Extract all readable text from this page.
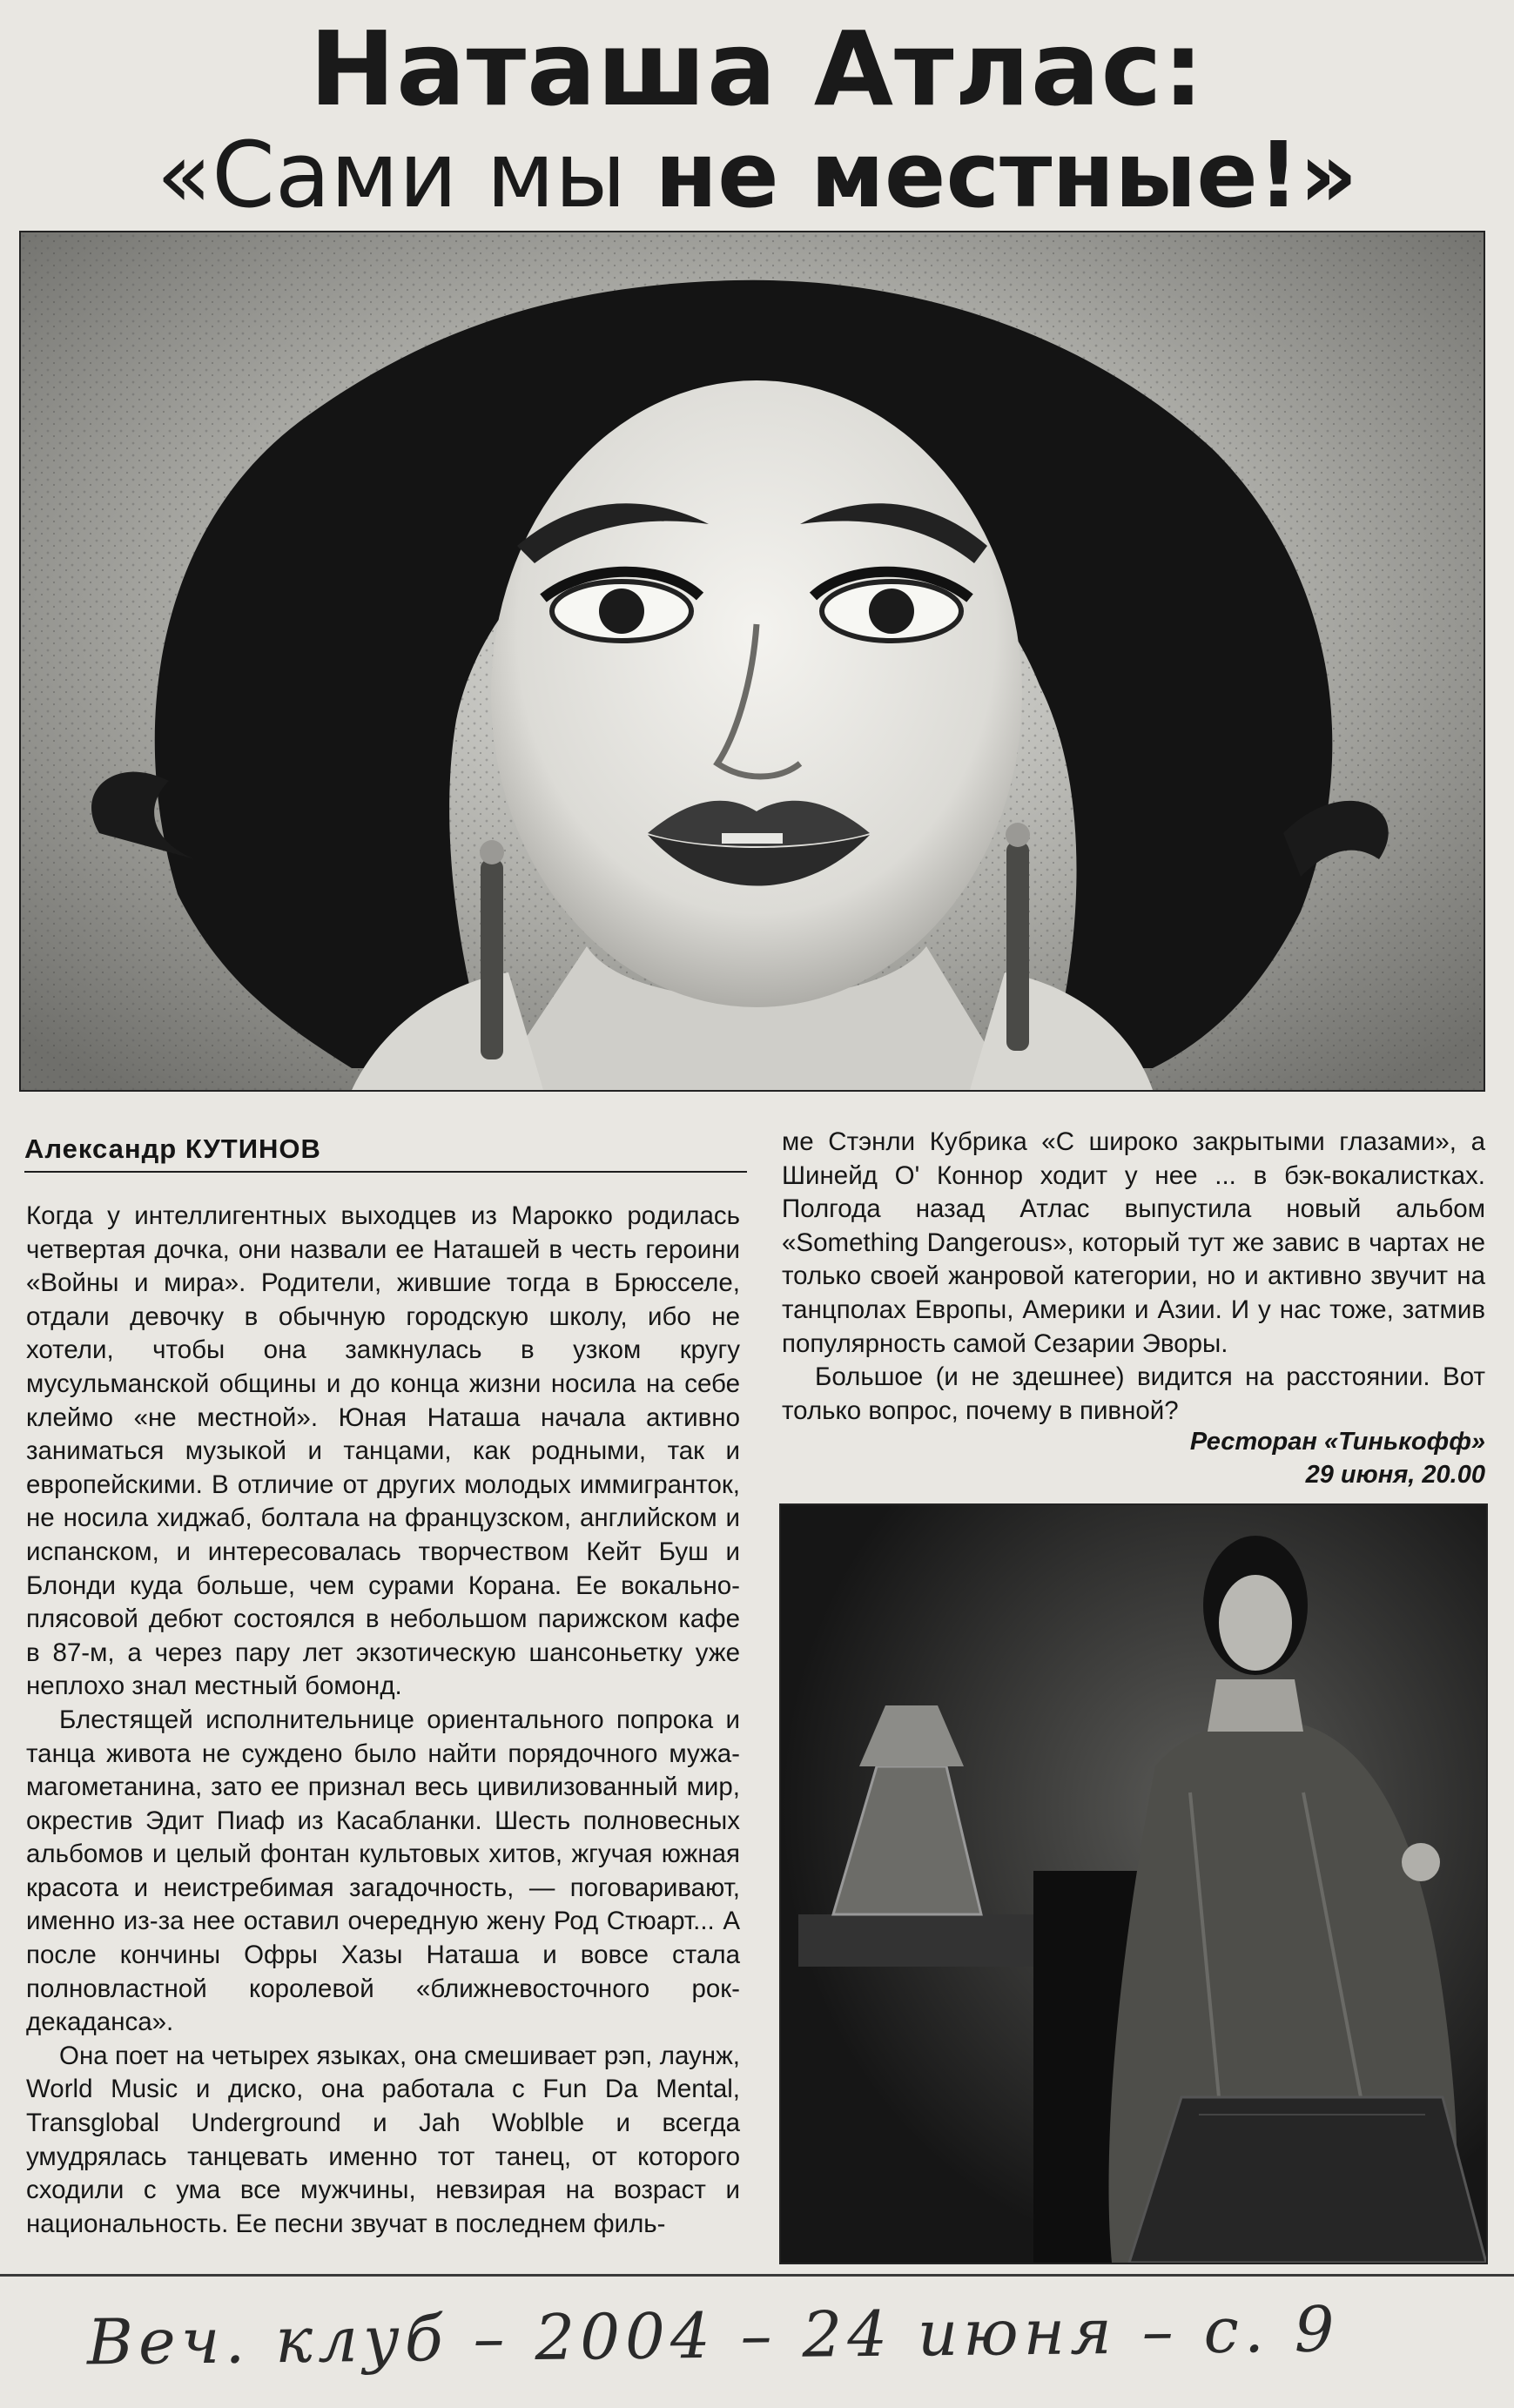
Наташа Атлас:
«Сами мы не местные!»
Александр КУТИНОВ

Когда у интеллигентных выходцев из Марокко родилась четвертая дочка, они назвали ее Наташей в честь героини «Войны и мира». Родители, жившие тогда в Брюсселе, отдали девочку в обычную городскую школу, ибо не хотели, чтобы она замкнулась в узком кругу мусульманской общины и до конца жизни носила на себе клеймо «не местной». Юная Наташа начала активно заниматься музыкой и танцами, как родными, так и европейскими. В отличие от других молодых иммигранток, не носила хиджаб, болтала на французском, английском и испанском, и интересовалась творчеством Кейт Буш и Блонди куда больше, чем сурами Корана. Ее вокально-плясовой дебют состоялся в небольшом парижском кафе в 87-м, а через пару лет экзотическую шансоньетку уже неплохо знал местный бомонд.

Блестящей исполнительнице ориентального попрока и танца живота не суждено было найти порядочного мужа-магометанина, зато ее признал весь цивилизованный мир, окрестив Эдит Пиаф из Касабланки. Шесть полновесных альбомов и целый фонтан культовых хитов, жгучая южная красота и неистребимая загадочность, — поговаривают, именно из-за нее оставил очередную жену Род Стюарт... А после кончины Офры Хазы Наташа и вовсе стала полновластной королевой «ближневосточного рок-декаданса».

Она поет на четырех языках, она смешивает рэп, лаунж, World Music и диско, она работала с Fun Da Mental, Transglobal Underground и Jah Woblble и всегда умудрялась танцевать именно тот танец, от которого сходили с ума все мужчины, невзирая на возраст и национальность. Ее песни звучат в последнем филь-

ме Стэнли Кубрика «С широко закрытыми глазами», а Шинейд О' Коннор ходит у нее ... в бэк-вокалистках. Полгода назад Атлас выпустила новый альбом «Something Dangerous», который тут же завис в чартах не только своей жанровой категории, но и активно звучит на танцполах Европы, Америки и Азии. И у нас тоже, затмив популярность самой Сезарии Эворы.

Большое (и не здешнее) видится на расстоянии. Вот только вопрос, почему в пивной?

Ресторан «Тинькофф»
29 июня, 20.00
Веч. клуб – 2004 – 24 июня – с. 9
